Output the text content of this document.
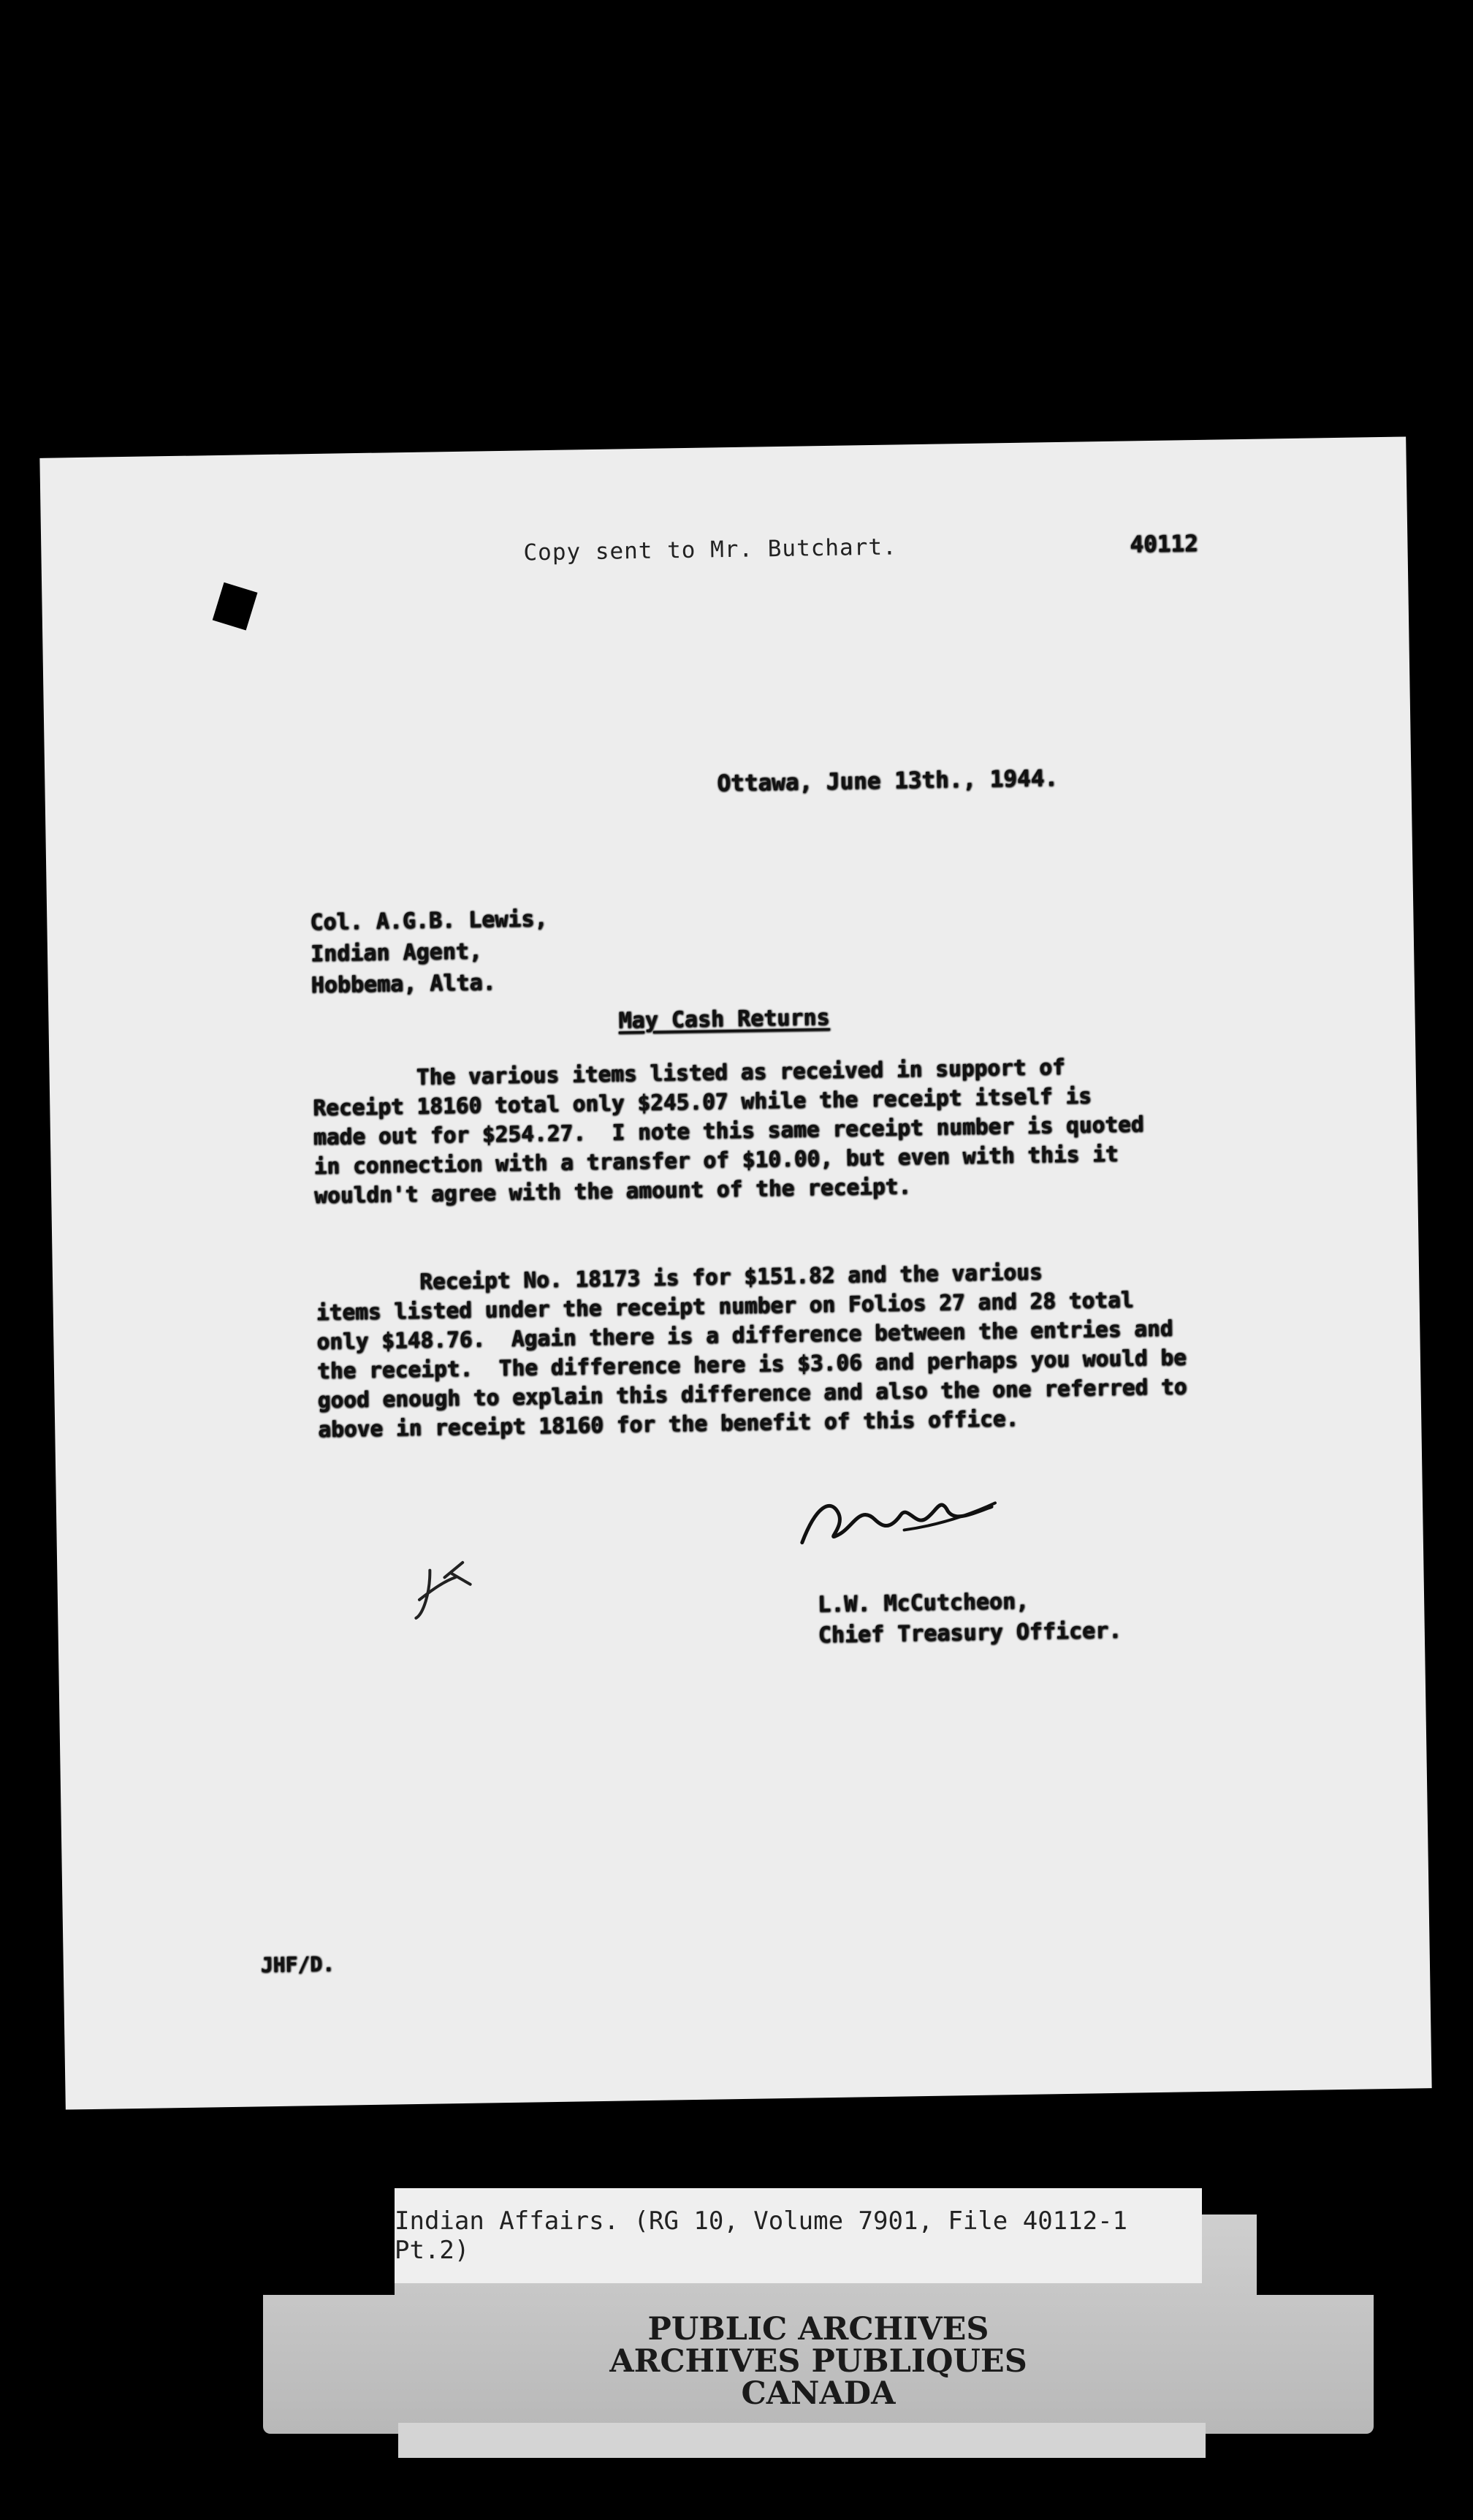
Copy sent to Mr. Butchart.	40112
Ottawa, June 13th., 1944.
Col. A.G.B. Lewis,
Indian Agent,
Hobbema, Alta.
May Cash Returns
The various items listed as received in support of
Receipt 18160 total only $245.07 while the receipt itself is
made out for $254.27.  I note this same receipt number is quoted
in connection with a transfer of $10.00, but even with this it
wouldn't agree with the amount of the receipt.
Receipt No. 18173 is for $151.82 and the various
items listed under the receipt number on Folios 27 and 28 total
only $148.76.  Again there is a difference between the entries and
the receipt.  The difference here is $3.06 and perhaps you would be
good enough to explain this difference and also the one referred to
above in receipt 18160 for the benefit of this office.
L.W. McCutcheon,
Chief Treasury Officer.
JHF/D.
Indian Affairs. (RG 10, Volume 7901, File 40112-1 Pt.2)
PUBLIC ARCHIVES
ARCHIVES PUBLIQUES
CANADA
